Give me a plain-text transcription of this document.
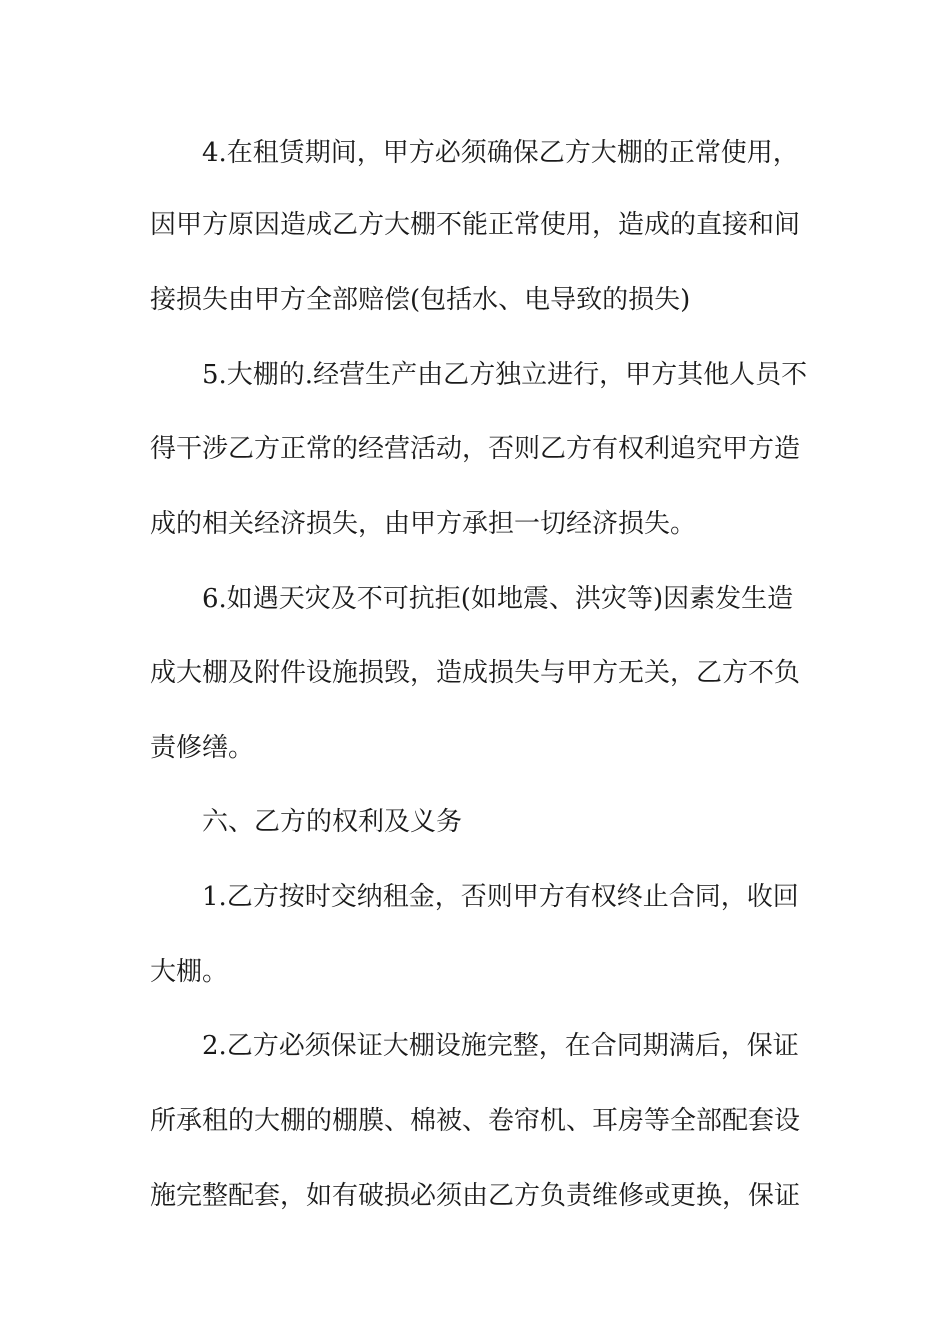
4.在租赁期间，甲方必须确保乙方大棚的正常使用，
因甲方原因造成乙方大棚不能正常使用，造成的直接和间
接损失由甲方全部赔偿(包括水、电导致的损失)
5.大棚的.经营生产由乙方独立进行，甲方其他人员不
得干涉乙方正常的经营活动，否则乙方有权利追究甲方造
成的相关经济损失，由甲方承担一切经济损失。
6.如遇天灾及不可抗拒(如地震、洪灾等)因素发生造
成大棚及附件设施损毁，造成损失与甲方无关，乙方不负
责修缮。
六、乙方的权利及义务
1.乙方按时交纳租金，否则甲方有权终止合同，收回
大棚。
2.乙方必须保证大棚设施完整，在合同期满后，保证
所承租的大棚的棚膜、棉被、卷帘机、耳房等全部配套设
施完整配套，如有破损必须由乙方负责维修或更换，保证
